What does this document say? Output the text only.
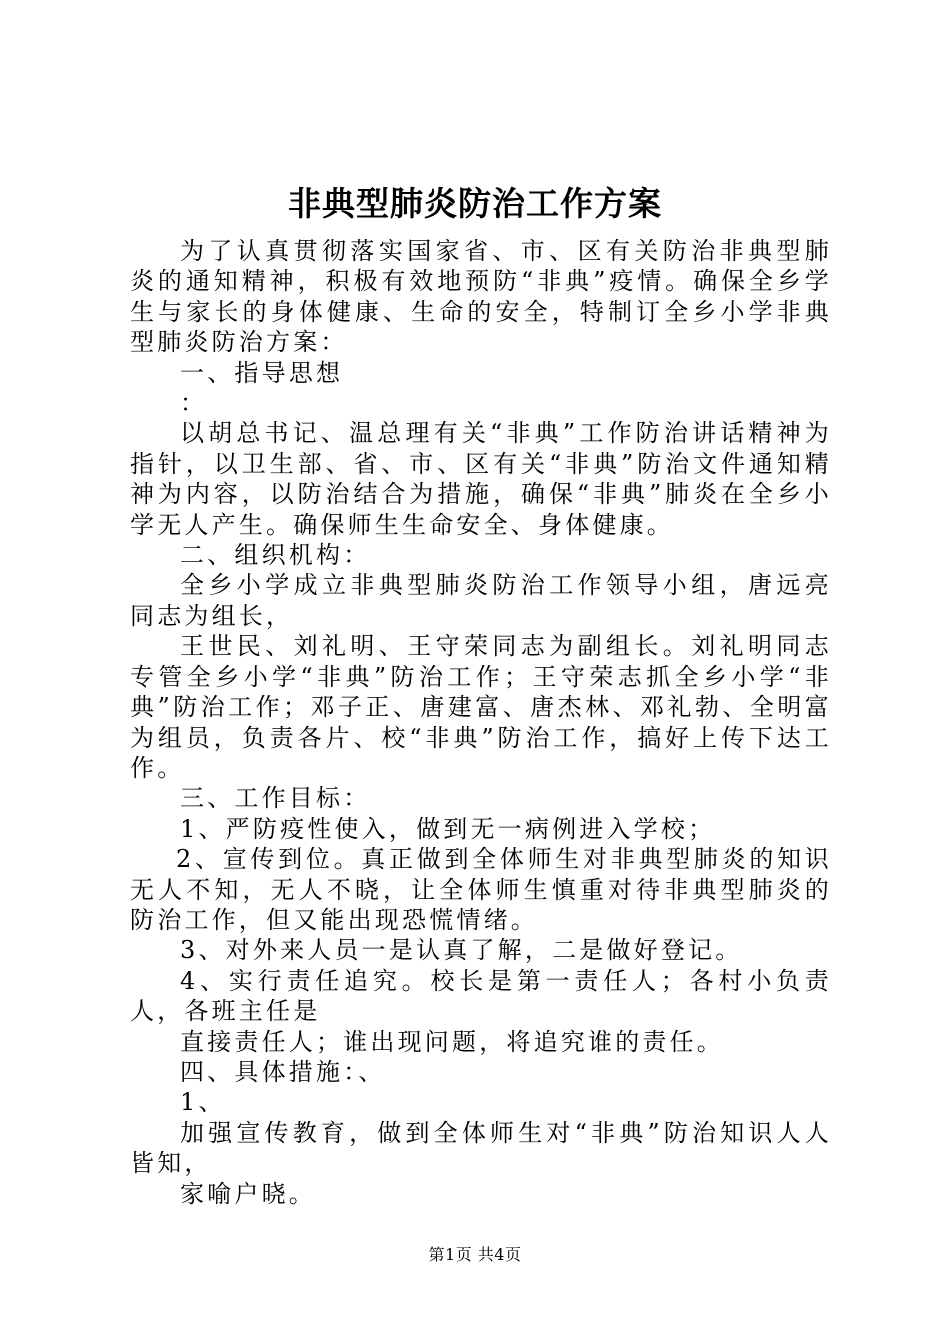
非典型肺炎防治工作方案

为了认真贯彻落实国家省、市、区有关防治非典型肺炎的通知精神，积极有效地预防“非典”疫情。确保全乡学生与家长的身体健康、生命的安全，特制订全乡小学非典型肺炎防治方案：

一、指导思想

：

以胡总书记、温总理有关“非典”工作防治讲话精神为指针，以卫生部、省、市、区有关“非典”防治文件通知精神为内容，以防治结合为措施，确保“非典”肺炎在全乡小学无人产生。确保师生生命安全、身体健康。

二、组织机构：

全乡小学成立非典型肺炎防治工作领导小组，唐远亮同志为组长，

王世民、刘礼明、王守荣同志为副组长。刘礼明同志专管全乡小学“非典”防治工作；王守荣志抓全乡小学“非典”防治工作；邓子正、唐建富、唐杰林、邓礼勃、全明富为组员，负责各片、校“非典”防治工作，搞好上传下达工作。

三、工作目标：

1、严防疫性使入，做到无一病例进入学校；

2、宣传到位。真正做到全体师生对非典型肺炎的知识无人不知，无人不晓，让全体师生慎重对待非典型肺炎的防治工作，但又能出现恐慌情绪。

3、对外来人员一是认真了解，二是做好登记。

4、实行责任追究。校长是第一责任人；各村小负责人，各班主任是

直接责任人；谁出现问题，将追究谁的责任。

四、具体措施：、

1、

加强宣传教育，做到全体师生对“非典”防治知识人人皆知，

家喻户晓。

第1页 共4页
